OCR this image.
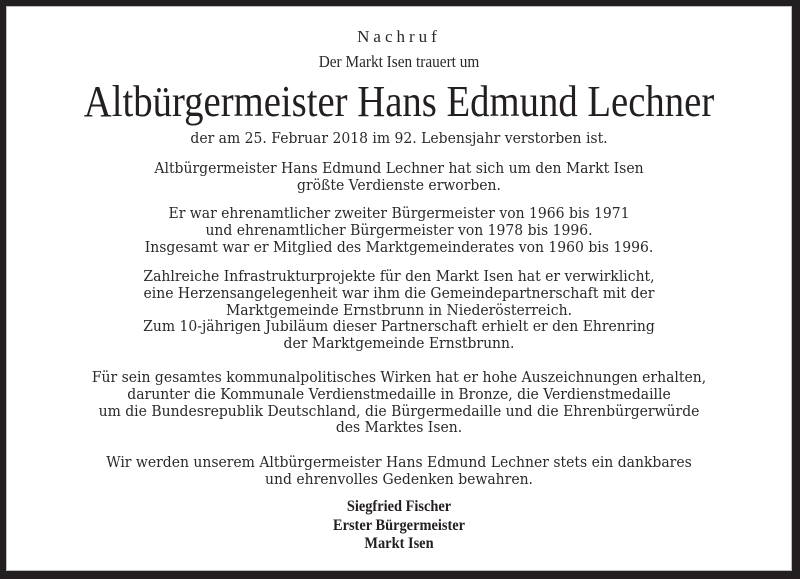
Nachruf
Der Markt Isen trauert um
Altbürgermeister Hans Edmund Lechner
der am 25. Februar 2018 im 92. Lebensjahr verstorben ist.
Altbürgermeister Hans Edmund Lechner hat sich um den Markt Isen
größte Verdienste erworben.
Er war ehrenamtlicher zweiter Bürgermeister von 1966 bis 1971
und ehrenamtlicher Bürgermeister von 1978 bis 1996.
Insgesamt war er Mitglied des Marktgemeinderates von 1960 bis 1996.
Zahlreiche Infrastrukturprojekte für den Markt Isen hat er verwirklicht,
eine Herzensangelegenheit war ihm die Gemeindepartnerschaft mit der
Marktgemeinde Ernstbrunn in Niederösterreich.
Zum 10-jährigen Jubiläum dieser Partnerschaft erhielt er den Ehrenring
der Marktgemeinde Ernstbrunn.
Für sein gesamtes kommunalpolitisches Wirken hat er hohe Auszeichnungen erhalten,
darunter die Kommunale Verdienstmedaille in Bronze, die Verdienstmedaille
um die Bundesrepublik Deutschland, die Bürgermedaille und die Ehrenbürgerwürde
des Marktes Isen.
Wir werden unserem Altbürgermeister Hans Edmund Lechner stets ein dankbares
und ehrenvolles Gedenken bewahren.
Siegfried Fischer
Erster Bürgermeister
Markt Isen
